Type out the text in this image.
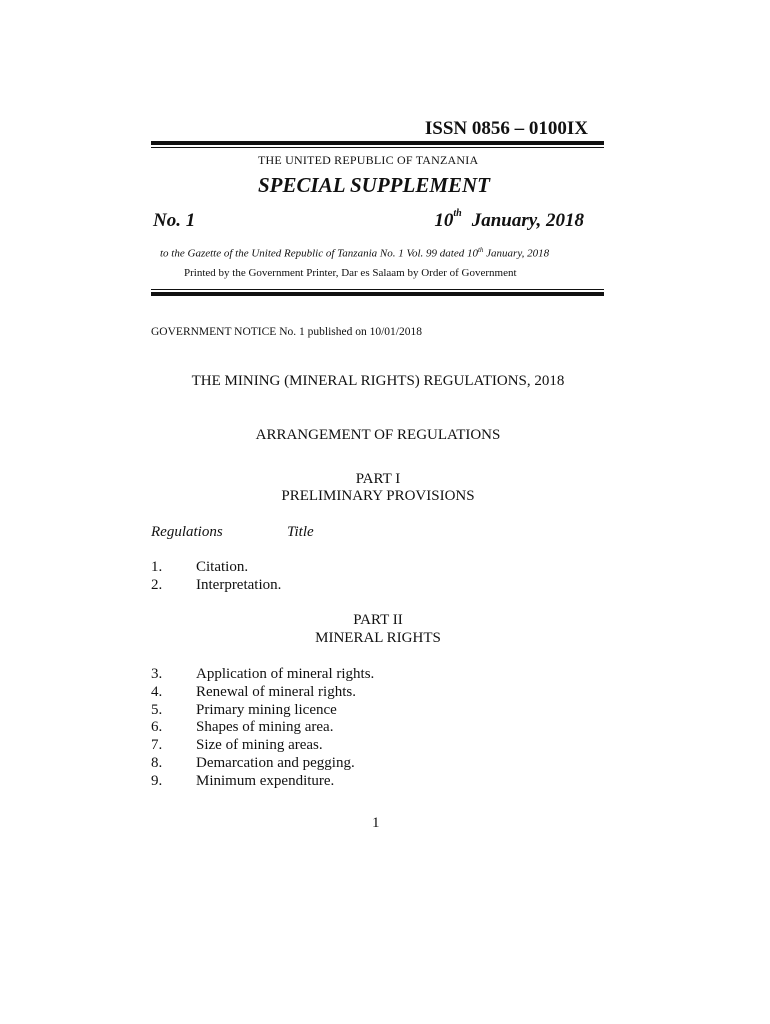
ISSN 0856 – 0100IX
THE UNITED REPUBLIC OF TANZANIA
SPECIAL SUPPLEMENT
No. 1	10th January, 2018
to the Gazette of the United Republic of Tanzania No. 1 Vol. 99 dated 10th January, 2018
Printed by the Government Printer, Dar es Salaam by Order of Government
GOVERNMENT NOTICE No. 1 published on 10/01/2018
THE MINING (MINERAL RIGHTS) REGULATIONS, 2018
ARRANGEMENT OF REGULATIONS
PART I
PRELIMINARY PROVISIONS
Regulations	Title
1. Citation.
2. Interpretation.
PART II
MINERAL RIGHTS
3. Application of mineral rights.
4. Renewal of mineral rights.
5. Primary mining licence
6. Shapes of mining area.
7. Size of mining areas.
8. Demarcation and pegging.
9. Minimum expenditure.
1
